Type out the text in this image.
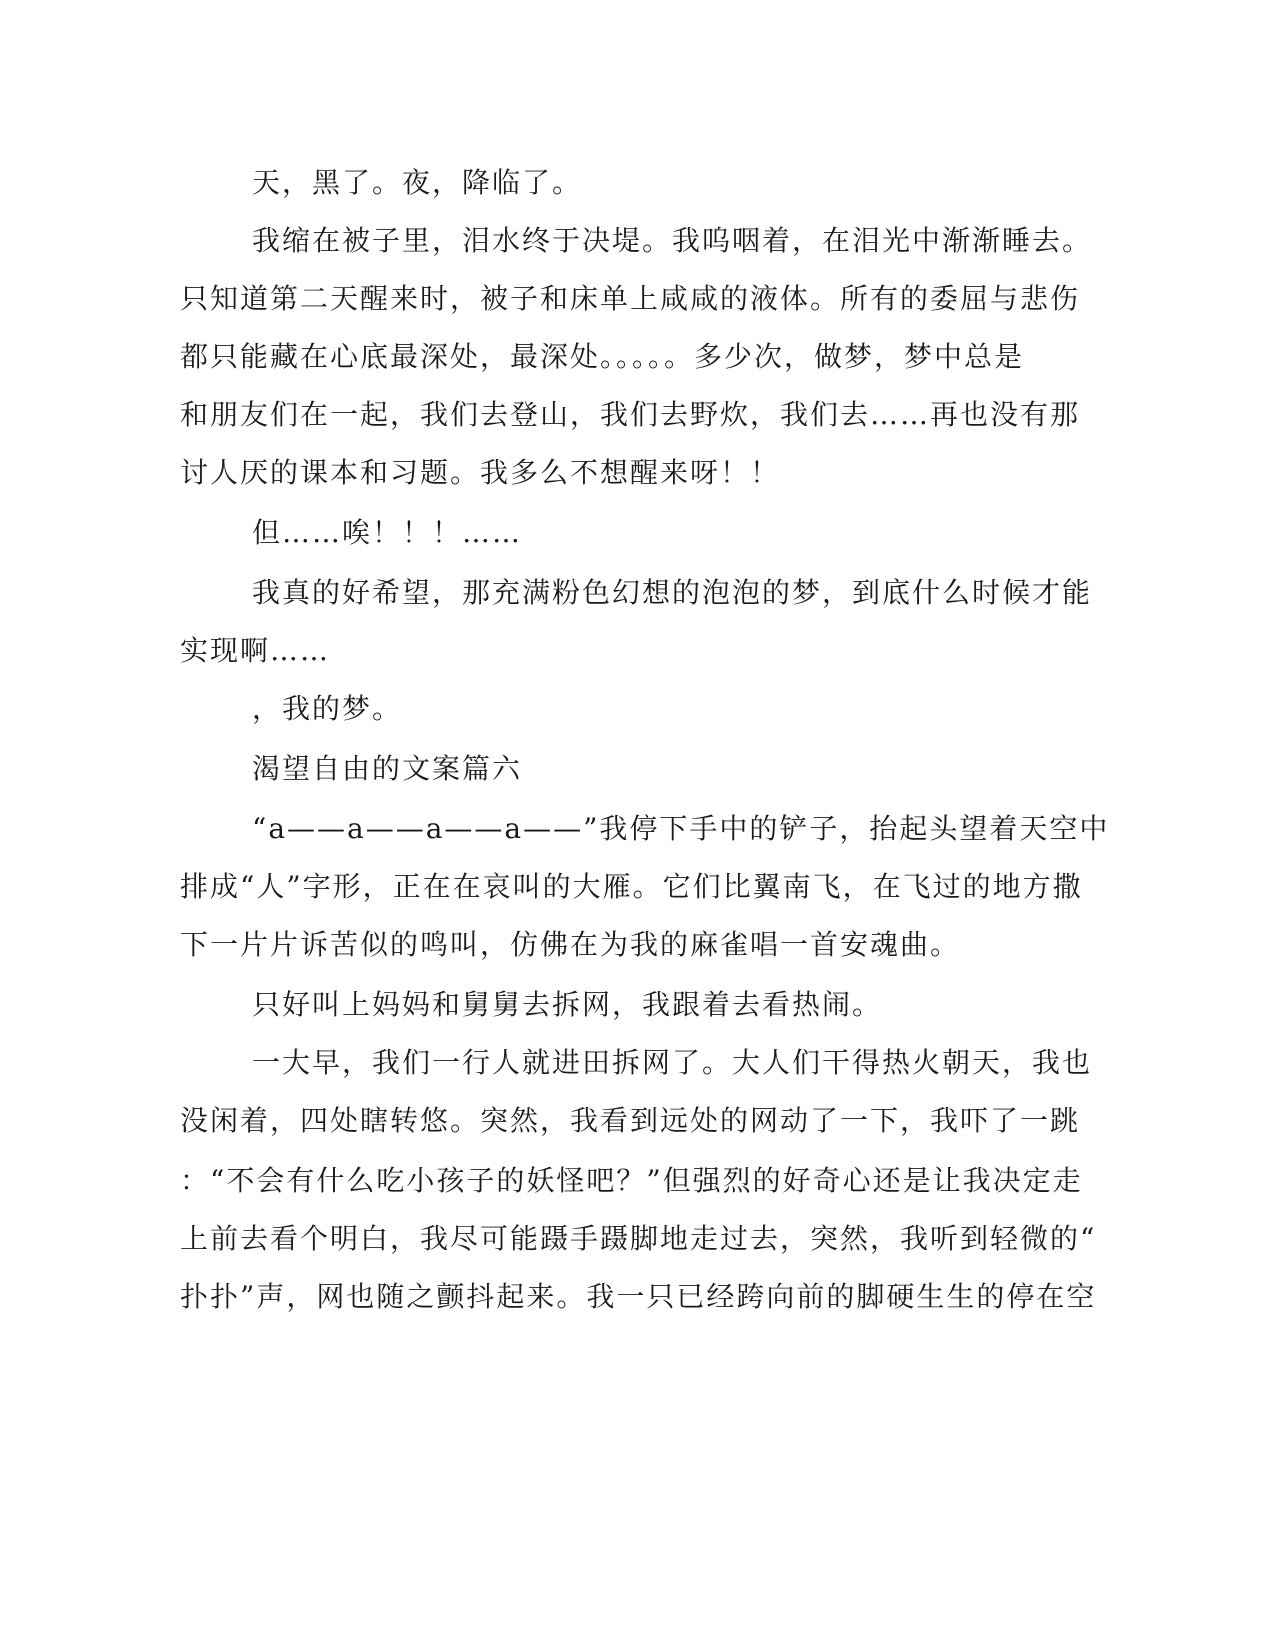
天，黑了。夜，降临了。

我缩在被子里，泪水终于决堤。我呜咽着，在泪光中渐渐睡去。

只知道第二天醒来时，被子和床单上咸咸的液体。所有的委屈与悲伤

都只能藏在心底最深处，最深处。。。。。多少次，做梦，梦中总是

和朋友们在一起，我们去登山，我们去野炊，我们去……再也没有那

讨人厌的课本和习题。我多么不想醒来呀！！

但……唉！！！……

我真的好希望，那充满粉色幻想的泡泡的梦，到底什么时候才能

实现啊……

，我的梦。

渴望自由的文案篇六

“a——a——a——a——”我停下手中的铲子，抬起头望着天空中

排成“人”字形，正在在哀叫的大雁。它们比翼南飞，在飞过的地方撒

下一片片诉苦似的鸣叫，仿佛在为我的麻雀唱一首安魂曲。

只好叫上妈妈和舅舅去拆网，我跟着去看热闹。

一大早，我们一行人就进田拆网了。大人们干得热火朝天，我也

没闲着，四处瞎转悠。突然，我看到远处的网动了一下，我吓了一跳

：“不会有什么吃小孩子的妖怪吧？”但强烈的好奇心还是让我决定走

上前去看个明白，我尽可能蹑手蹑脚地走过去，突然，我听到轻微的“

扑扑”声，网也随之颤抖起来。我一只已经跨向前的脚硬生生的停在空
